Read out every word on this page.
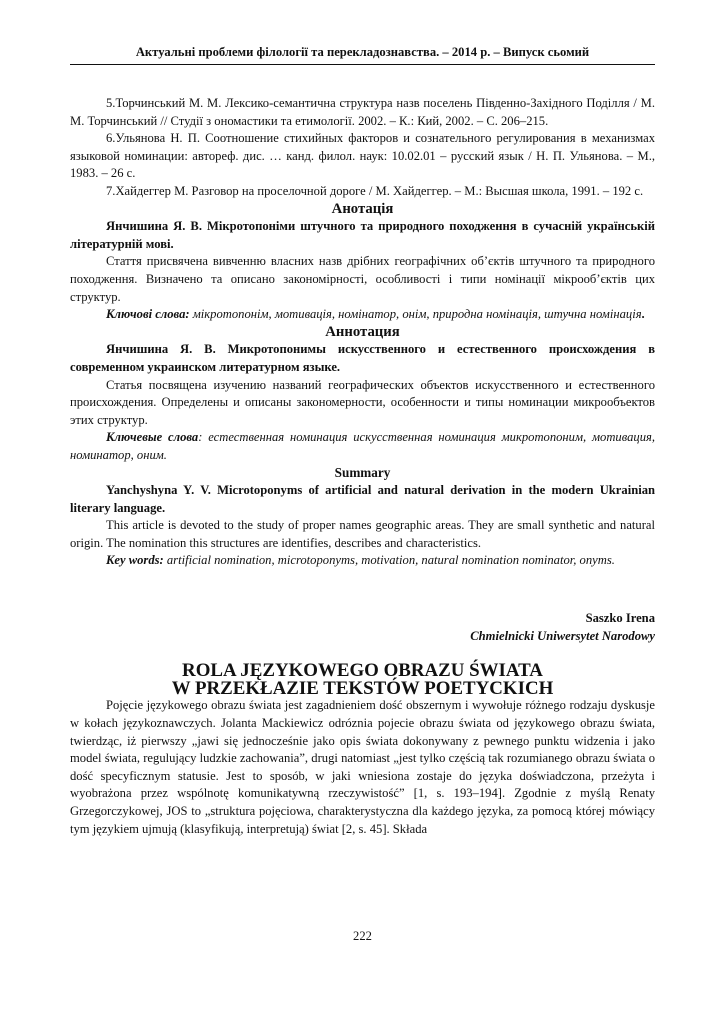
Актуальні проблеми філології та перекладознавства. – 2014 р. – Випуск сьомий

5.Торчинський М. М. Лексико-семантична структура назв поселень Південно-Західного Поділля / М. М. Торчинський // Студії з ономастики та етимології. 2002. – К.: Кий, 2002. – С. 206–215.

6.Ульянова Н. П. Соотношение стихийных факторов и сознательного регулирования в механизмах языковой номинации: автореф. дис. … канд. филол. наук: 10.02.01 – русский язык / Н. П. Ульянова. – М., 1983. – 26 с.

7.Хайдеггер М. Разговор на проселочной дороге / М. Хайдеггер. – М.: Высшая школа, 1991. – 192 с.

Анотація

Янчишина Я. В. Мікротопоніми штучного та природного походження в сучасній українській літературній мові.

Стаття присвячена вивченню власних назв дрібних географічних об’єктів штучного та природного походження. Визначено та описано закономірності, особливості і типи номінації мікрооб’єктів цих структур.

Ключові слова: мікротопонім, мотивація, номінатор, онім, природна номінація, штучна номінація.

Аннотация

Янчишина Я. В. Микротопонимы искусственного и естественного происхождения в современном украинском литературном языке.

Статья посвящена изучению названий географических объектов искусственного и естественного происхождения. Определены и описаны закономерности, особенности и типы номинации микрообъектов этих структур.

Ключевые слова: естественная номинация искусственная номинация микротопоним, мотивация, номинатор, оним.

Summary

Yanchyshyna Y. V. Microtoponyms of artificial and natural derivation in the modern Ukrainian literary language.

This article is devoted to the study of proper names geographic areas. They are small synthetic and natural origin. The nomination this structures are identifies, describes and characteristics.

Key words: artificial nomination, microtoponyms, motivation, natural nomination nominator, onyms.

Saszko Irena

Chmielnicki Uniwersytet Narodowy

ROLA JĘZYKOWEGO OBRAZU ŚWIATA
W PRZEKŁAZIE TEKSTÓW POETYCKICH

Pojęcie językowego obrazu świata jest zagadnieniem dość obszernym i wywołuje różnego rodzaju dyskusje w kołach językoznawczych. Jolanta Mackiewicz odróznia pojecie obrazu świata od językowego obrazu świata, twierdząc, iż pierwszy „jawi się jednocześnie jako opis świata dokonywany z pewnego punktu widzenia i jako model świata, regulujący ludzkie zachowania”, drugi natomiast „jest tylko częścią tak rozumianego obrazu świata o dość specyficznym statusie. Jest to sposób, w jaki wniesiona zostaje do języka doświadczona, przeżyta i wyobrażona przez wspólnotę komunikatywną rzeczywistość” [1, s. 193–194]. Zgodnie z myślą Renaty Grzegorczykowej, JOS to „struktura pojęciowa, charakterystyczna dla każdego języka, za pomocą której mówiący tym językiem ujmują (klasyfikują, interpretują) świat [2, s. 45]. Składa

222
